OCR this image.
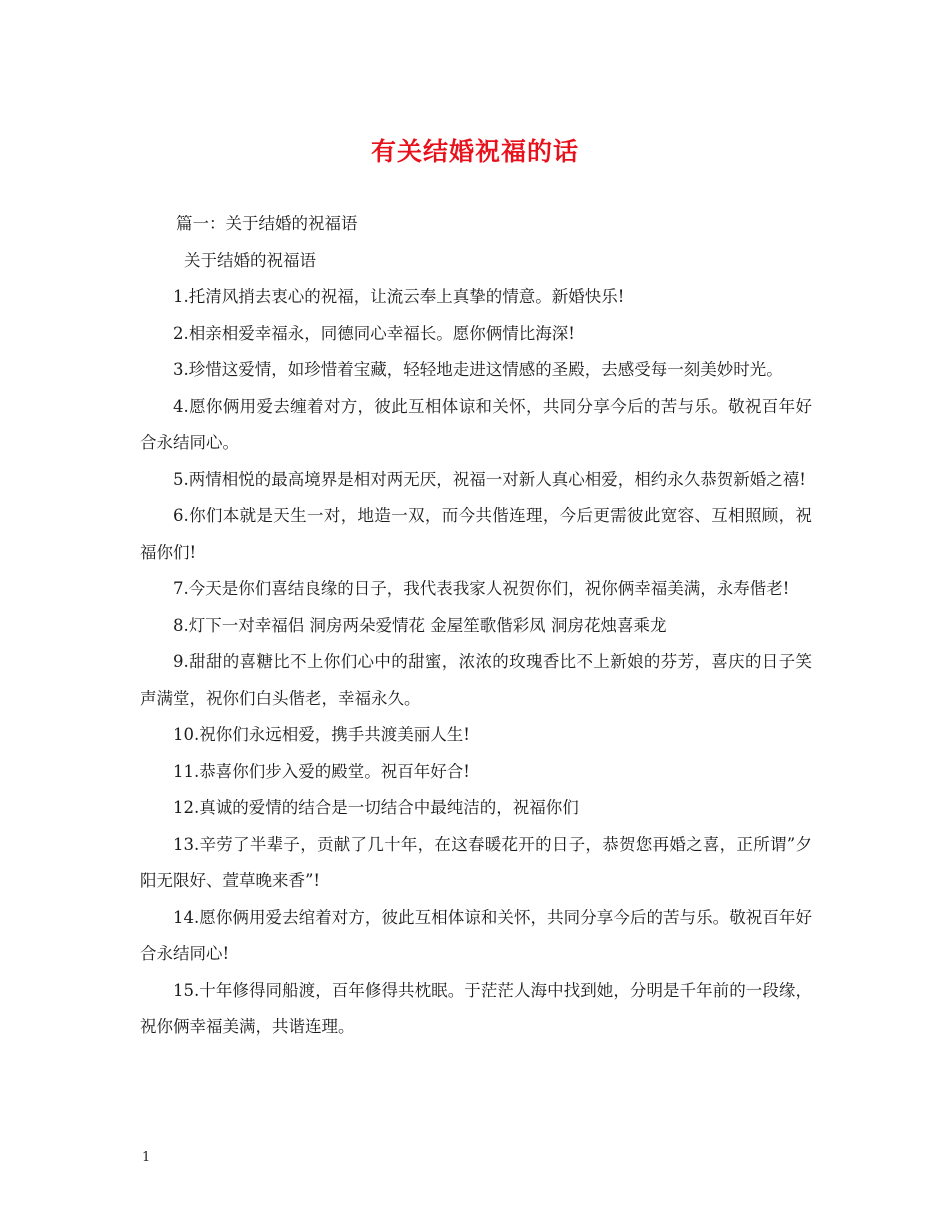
有关结婚祝福的话

篇一：关于结婚的祝福语

关于结婚的祝福语

1.托清风捎去衷心的祝福，让流云奉上真挚的情意。新婚快乐!

2.相亲相爱幸福永，同德同心幸福长。愿你俩情比海深!

3.珍惜这爱情，如珍惜着宝藏，轻轻地走进这情感的圣殿，去感受每一刻美妙时光。

4.愿你俩用爱去缠着对方，彼此互相体谅和关怀，共同分享今后的苦与乐。敬祝百年好合永结同心。

5.两情相悦的最高境界是相对两无厌，祝福一对新人真心相爱，相约永久恭贺新婚之禧!

6.你们本就是天生一对，地造一双，而今共偕连理，今后更需彼此宽容、互相照顾，祝福你们!

7.今天是你们喜结良缘的日子，我代表我家人祝贺你们，祝你俩幸福美满，永寿偕老!

8.灯下一对幸福侣 洞房两朵爱情花 金屋笙歌偕彩凤 洞房花烛喜乘龙

9.甜甜的喜糖比不上你们心中的甜蜜，浓浓的玫瑰香比不上新娘的芬芳，喜庆的日子笑声满堂，祝你们白头偕老，幸福永久。

10.祝你们永远相爱，携手共渡美丽人生!

11.恭喜你们步入爱的殿堂。祝百年好合!

12.真诚的爱情的结合是一切结合中最纯洁的，祝福你们

13.辛劳了半辈子，贡献了几十年，在这春暖花开的日子，恭贺您再婚之喜，正所谓”夕阳无限好、萱草晚来香”!

14.愿你俩用爱去绾着对方，彼此互相体谅和关怀，共同分享今后的苦与乐。敬祝百年好合永结同心!

15.十年修得同船渡，百年修得共枕眠。于茫茫人海中找到她，分明是千年前的一段缘，祝你俩幸福美满，共谐连理。

1
